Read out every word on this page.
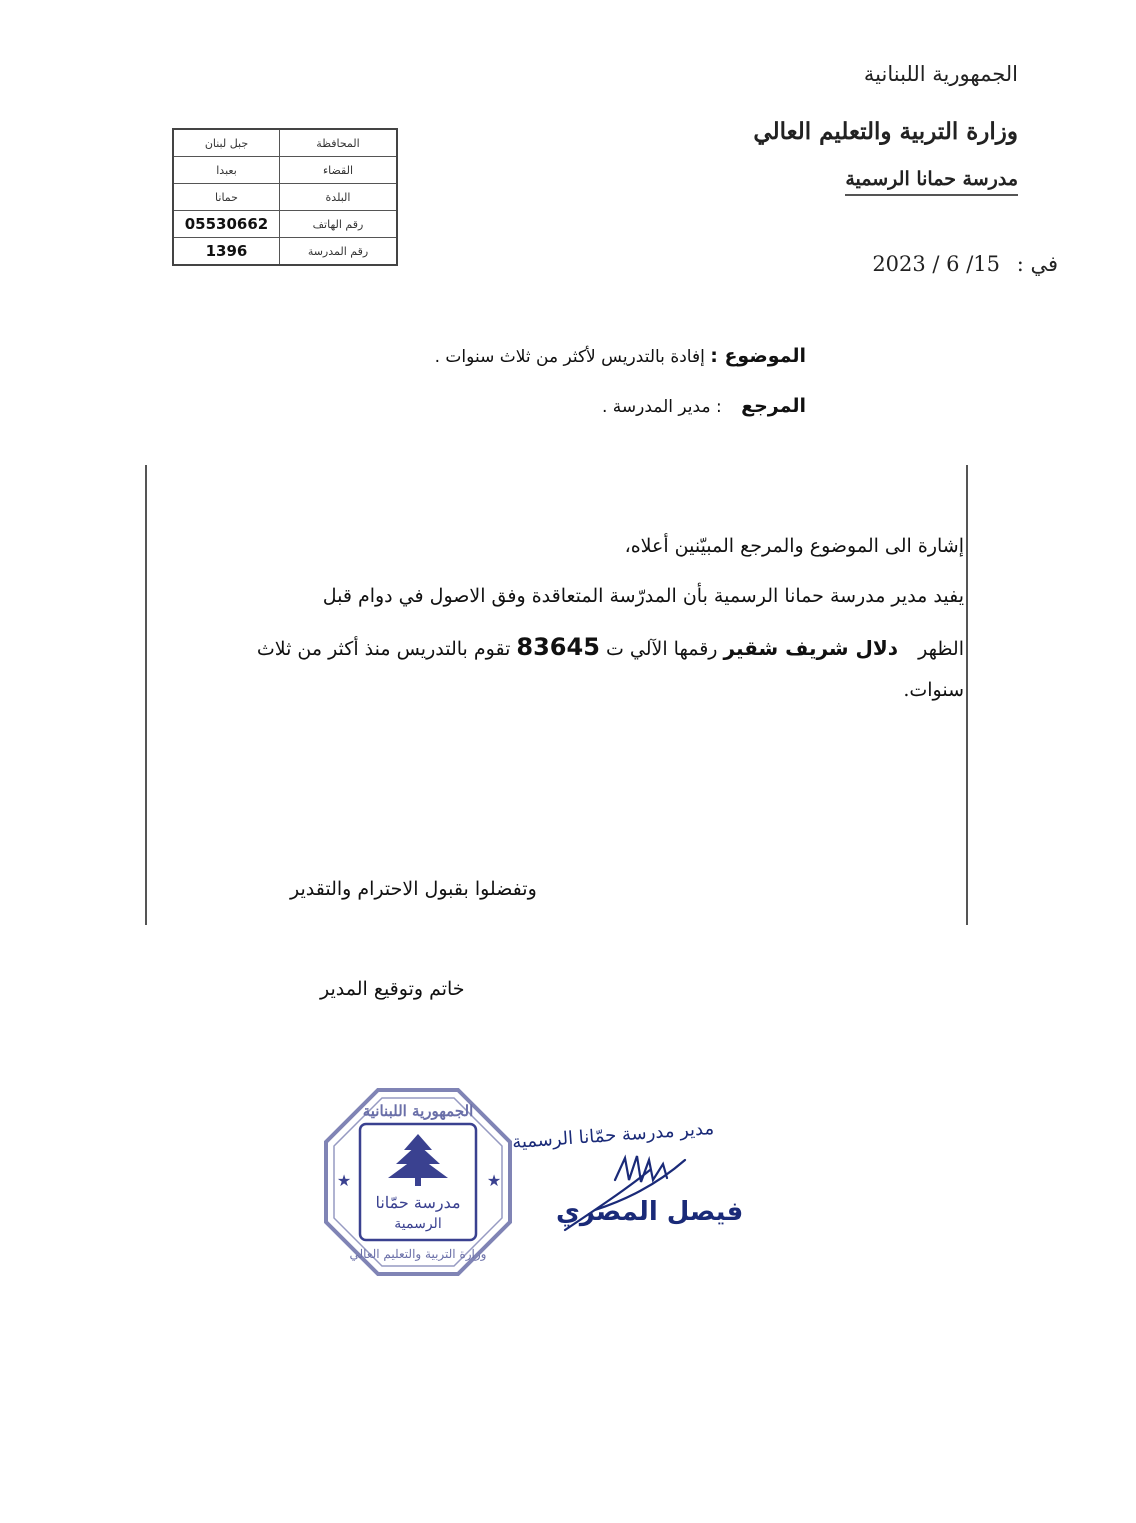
الجمهورية اللبنانية
وزارة التربية والتعليم العالي
مدرسة حمانا الرسمية
في : 2023 / 6 /15
المحافظة	جبل لبنان
القضاء	بعبدا
البلدة	حمانا
رقم الهاتف	05530662
رقم المدرسة	1396
الموضوع : إفادة بالتدريس لأكثر من ثلاث سنوات .
المرجع : مدير المدرسة .
إشارة الى الموضوع والمرجع المبيّنين أعلاه،
يفيد مدير مدرسة حمانا الرسمية بأن المدرّسة المتعاقدة وفق الاصول في دوام قبل
الظهر دلال شريف شقير رقمها الآلي ت 83645 تقوم بالتدريس منذ أكثر من ثلاث
سنوات.
وتفضلوا بقبول الاحترام والتقدير
خاتم وتوقيع المدير
مدرسة حمّانا
الرسمية
★
★
الجمهورية اللبنانية
وزارة التربية والتعليم العالي
مدير مدرسة حمّانا الرسمية
فيصل المصري
